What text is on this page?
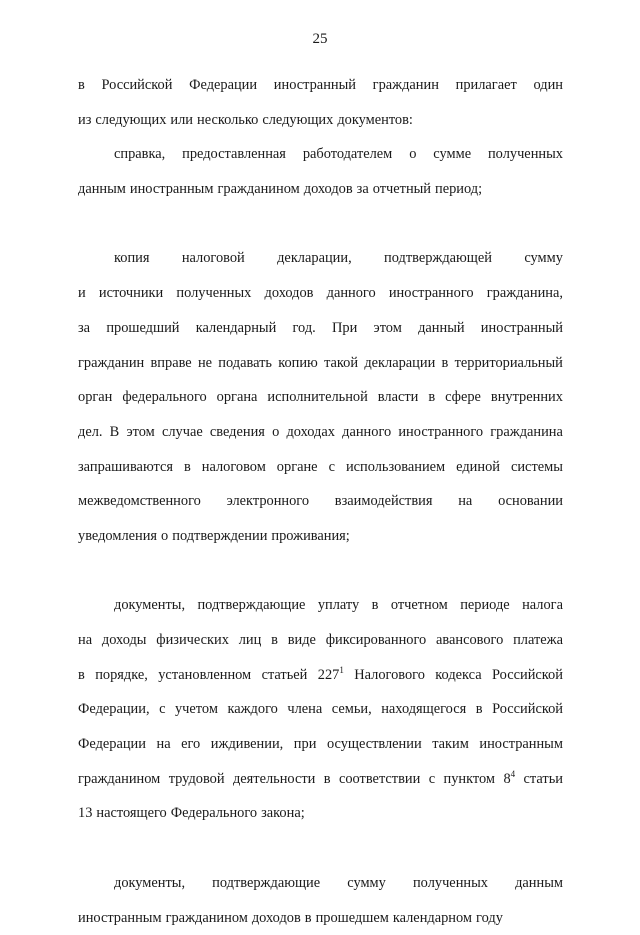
25
в Российской Федерации иностранный гражданин прилагает один
из следующих или несколько следующих документов:
справка, предоставленная работодателем о сумме полученных
данным иностранным гражданином доходов за отчетный период;
копия налоговой декларации, подтверждающей сумму
и источники полученных доходов данного иностранного гражданина,
за прошедший календарный год. При этом данный иностранный
гражданин вправе не подавать копию такой декларации в территориальный
орган федерального органа исполнительной власти в сфере внутренних
дел. В этом случае сведения о доходах данного иностранного гражданина
запрашиваются в налоговом органе с использованием единой системы
межведомственного электронного взаимодействия на основании
уведомления о подтверждении проживания;
документы, подтверждающие уплату в отчетном периоде налога
на доходы физических лиц в виде фиксированного авансового платежа
в порядке, установленном статьей $227^1$ Налогового кодекса Российской
Федерации, с учетом каждого члена семьи, находящегося в Российской
Федерации на его иждивении, при осуществлении таким иностранным
гражданином трудовой деятельности в соответствии с пунктом $8^4$ статьи
13 настоящего Федерального закона;
документы, подтверждающие сумму полученных данным
иностранным гражданином доходов в прошедшем календарном году
